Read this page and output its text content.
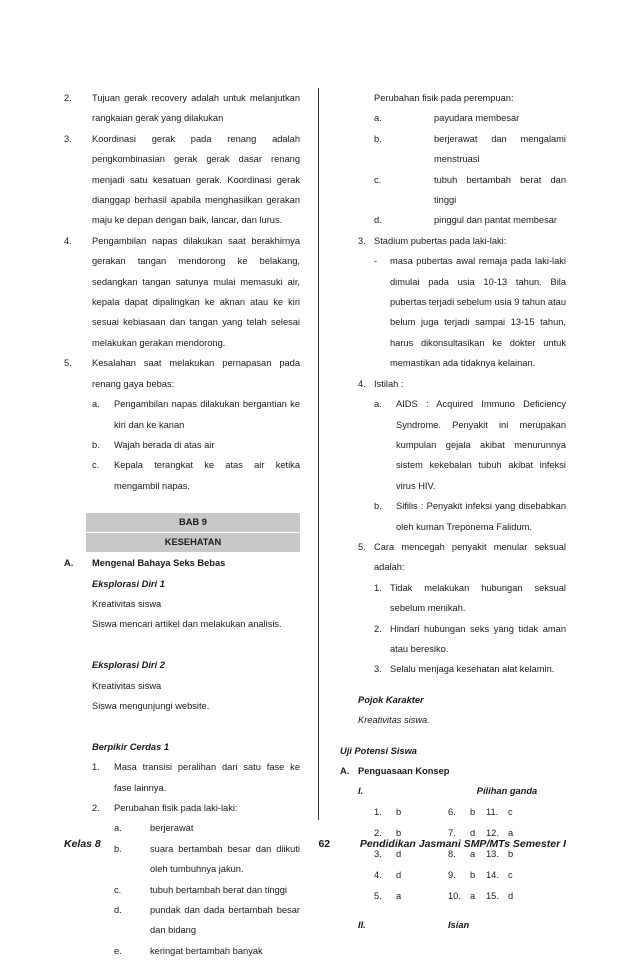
2.	Tujuan gerak recovery adalah untuk melanjutkan rangkaian gerak yang dilakukan
3.	Koordinasi gerak pada renang adalah pengkombinasian gerak gerak dasar renang menjadi satu kesatuan gerak. Koordinasi gerak dianggap berhasil apabila menghasilkan gerakan maju ke depan dengan baik, lancar, dan lurus.
4.	Pengambilan napas dilakukan saat berakhirnya gerakan tangan mendorong ke belakang, sedangkan tangan satunya mulai memasuki air, kepala dapat dipalingkan ke aknan atau ke kiri sesuai kebiasaan dan tangan yang telah selesai melakukan gerakan mendorong.
5.	Kesalahan saat melakukan pernapasan pada renang gaya bebas:
a.	Pengambilan napas dilakukan bergantian ke kiri dan ke kanan
b.	Wajah berada di atas air
c.	Kepala terangkat ke atas air ketika mengambil napas.
BAB 9
KESEHATAN
A.	Mengenal Bahaya Seks Bebas
Eksplorasi Diri 1
Kreativitas siswa
Siswa mencari artikel dan melakukan analisis.
Eksplorasi Diri 2
Kreativitas siswa
Siswa mengunjungi website.
Berpikir Cerdas 1
1.	Masa transisi peralihan dari satu fase ke fase lainnya.
2.	Perubahan fisik pada laki-laki:
a.	berjerawat
b.	suara bertambah besar dan diikuti oleh tumbuhnya jakun.
c.	tubuh bertambah berat dan tinggi
d.	pundak dan dada bertambah besar dan bidang
e.	keringat bertambah banyak
Perubahan fisik pada perempuan:
a.	payudara membesar
b.	berjerawat dan mengalami menstruasi
c.	tubuh bertambah berat dan tinggi
d.	pinggul dan pantat membesar
3. Stadium pubertas pada laki-laki:
-	masa pubertas awal remaja pada laki-laki dimulai pada usia 10-13 tahun. Bila pubertas terjadi sebelum usia 9 tahun atau belum juga terjadi sampai 13-15 tahun, harus dikonsultasikan ke dokter untuk memastikan ada tidaknya kelainan.
4. Istilah :
a.	AIDS : Acquired Immuno Deficiency Syndrome. Penyakit ini merupakan kumpulan gejala akibat menurunnya sistem kekebalan tubuh akibat infeksi virus HIV.
b.	Sifilis : Penyakit infeksi yang disebabkan oleh kuman Treponema Falidum.
5. Cara mencegah penyakit menular seksual adalah:
1. Tidak melakukan hubungan seksual sebelum menikah.
2. Hindari hubungan seks yang tidak aman atau beresiko.
3. Selalu menjaga kesehatan alat kelamin.
Pojok Karakter
Kreativitas siswa.
Uji Potensi Siswa
A. Penguasaan Konsep
I.	Pilihan ganda
1.	b	6.	b	11.	c
2.	b	7.	d	12. a
3.	d	8.	a	13. b
4.	d	9.	b	14. c
5.	a	10. a	15. d
II.	Isian
Kelas 8	62	Pendidikan Jasmani SMP/MTs Semester I
